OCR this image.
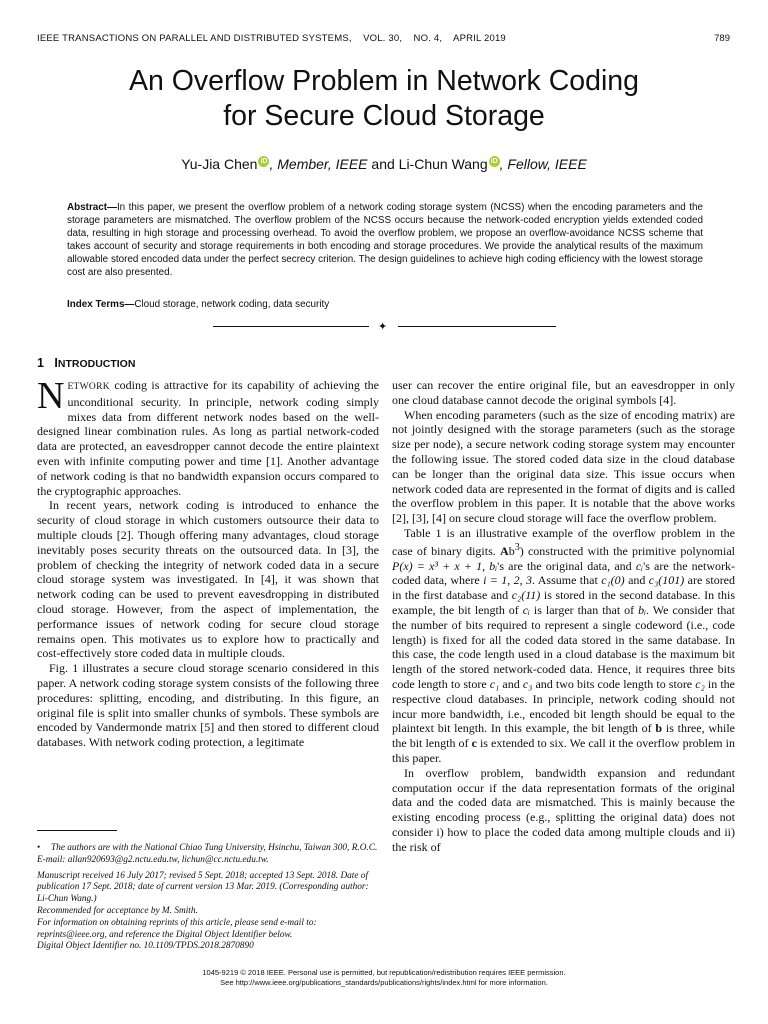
IEEE TRANSACTIONS ON PARALLEL AND DISTRIBUTED SYSTEMS, VOL. 30, NO. 4, APRIL 2019	789
An Overflow Problem in Network Coding
for Secure Cloud Storage
Yu-Jia Chen iD , Member, IEEE and Li-Chun Wang iD , Fellow, IEEE
Abstract—In this paper, we present the overflow problem of a network coding storage system (NCSS) when the encoding parameters and the storage parameters are mismatched. The overflow problem of the NCSS occurs because the network-coded encryption yields extended coded data, resulting in high storage and processing overhead. To avoid the overflow problem, we propose an overflow-avoidance NCSS scheme that takes account of security and storage requirements in both encoding and storage procedures. We provide the analytical results of the maximum allowable stored encoded data under the perfect secrecy criterion. The design guidelines to achieve high coding efficiency with the lowest storage cost are also presented.
Index Terms—Cloud storage, network coding, data security
✦
1 INTRODUCTION

NETWORK coding is attractive for its capability of achieving the unconditional security. In principle, network coding simply mixes data from different network nodes based on the well-designed linear combination rules. As long as partial network-coded data are protected, an eavesdropper cannot decode the entire plaintext even with infinite computing power and time [1]. Another advantage of network coding is that no bandwidth expansion occurs compared to the cryptographic approaches.

In recent years, network coding is introduced to enhance the security of cloud storage in which customers outsource their data to multiple clouds [2]. Though offering many advantages, cloud storage inevitably poses security threats on the outsourced data. In [3], the problem of checking the integrity of network coded data in a secure cloud storage system was investigated. In [4], it was shown that network coding can be used to prevent eavesdropping in distributed cloud storage. However, from the aspect of implementation, the performance issues of network coding for secure cloud storage remains open. This motivates us to explore how to practically and cost-effectively store coded data in multiple clouds.

Fig. 1 illustrates a secure cloud storage scenario considered in this paper. A network coding storage system consists of the following three procedures: splitting, encoding, and distributing. In this figure, an original file is split into smaller chunks of symbols. These symbols are encoded by Vandermonde matrix [5] and then stored to different cloud databases. With network coding protection, a legitimate

• The authors are with the National Chiao Tung University, Hsinchu, Taiwan 300, R.O.C. E-mail: allan920693@g2.nctu.edu.tw, lichun@cc.nctu.edu.tw.

Manuscript received 16 July 2017; revised 5 Sept. 2018; accepted 13 Sept. 2018. Date of publication 17 Sept. 2018; date of current version 13 Mar. 2019. (Corresponding author: Li-Chun Wang.)

Recommended for acceptance by M. Smith.

For information on obtaining reprints of this article, please send e-mail to: reprints@ieee.org, and reference the Digital Object Identifier below.

Digital Object Identifier no. 10.1109/TPDS.2018.2870890

user can recover the entire original file, but an eavesdropper in only one cloud database cannot decode the original symbols [4].

When encoding parameters (such as the size of encoding matrix) are not jointly designed with the storage parameters (such as the storage size per node), a secure network coding storage system may encounter the following issue. The stored coded data size in the cloud database can be longer than the original data size. This issue occurs when network coded data are represented in the format of digits and is called the overflow problem in this paper. It is notable that the above works [2], [3], [4] on secure cloud storage will face the overflow problem.

Table 1 is an illustrative example of the overflow problem in the case of binary digits. Ab$^3$) constructed with the primitive polynomial P(x) = x³ + x + 1, bᵢ's are the original data, and cᵢ's are the network-coded data, where i = 1, 2, 3. Assume that c₁(0) and c₃(101) are stored in the first database and c₂(11) is stored in the second database. In this example, the bit length of cᵢ is larger than that of bᵢ. We consider that the number of bits required to represent a single codeword (i.e., code length) is fixed for all the coded data stored in the same database. In this case, the code length used in a cloud database is the maximum bit length of the stored network-coded data. Hence, it requires three bits code length to store c₁ and c₃ and two bits code length to store c₂ in the respective cloud databases. In principle, network coding should not incur more bandwidth, i.e., encoded bit length should be equal to the plaintext bit length. In this example, the bit length of b is three, while the bit length of c is extended to six. We call it the overflow problem in this paper.

In overflow problem, bandwidth expansion and redundant computation occur if the data representation formats of the original data and the coded data are mismatched. This is mainly because the existing encoding process (e.g., splitting the original data) does not consider i) how to place the coded data among multiple clouds and ii) the risk of

1045-9219 © 2018 IEEE. Personal use is permitted, but republication/redistribution requires IEEE permission.
See http://www.ieee.org/publications_standards/publications/rights/index.html for more information.
